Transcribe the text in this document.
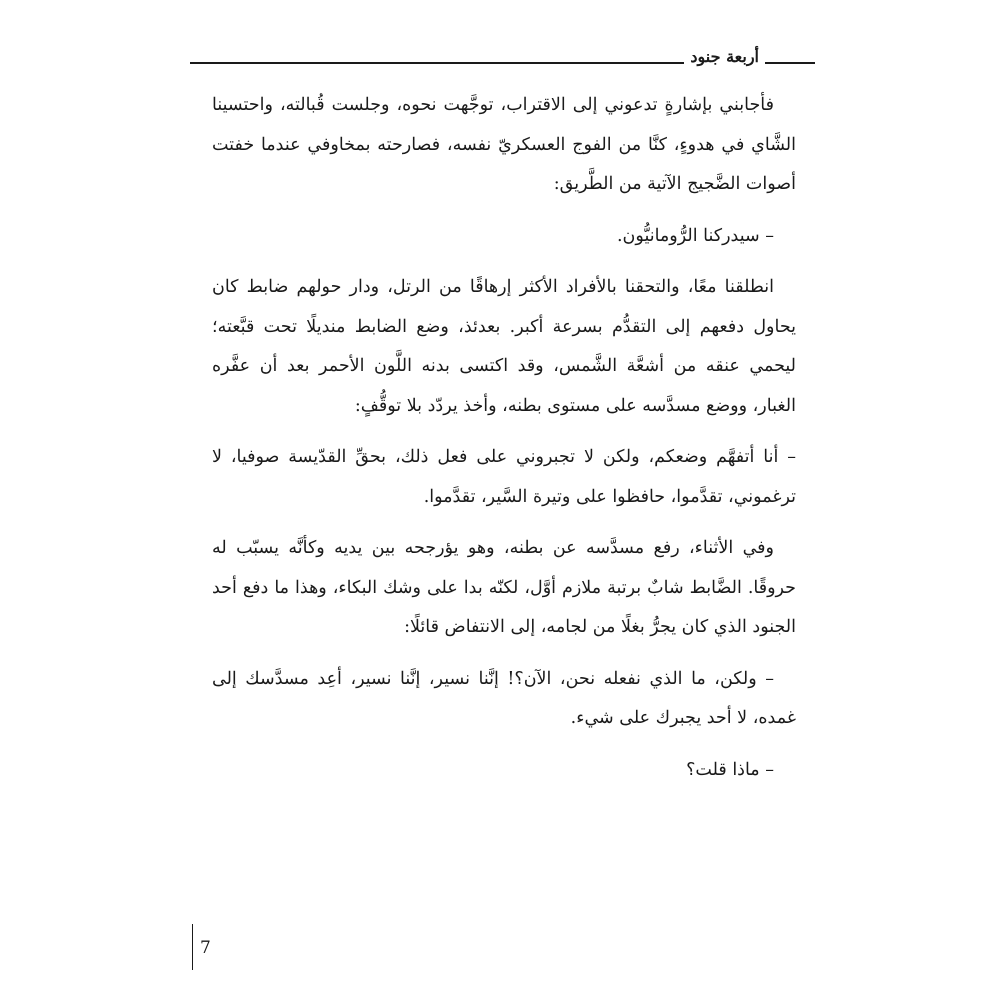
أربعة جنود

فأجابني بإشارةٍ تدعوني إلى الاقتراب، توجَّهت نحوه، وجلست قُبالته، واحتسينا الشَّاي في هدوءٍ، كنَّا من الفوج العسكريّ نفسه، فصارحته بمخاوفي عندما خفتت أصوات الضَّجيج الآتية من الطَّريق:

– سيدركنا الرُّومانيُّون.

انطلقنا معًا، والتحقنا بالأفراد الأكثر إرهاقًا من الرتل، ودار حولهم ضابط كان يحاول دفعهم إلى التقدُّم بسرعة أكبر. بعدئذ، وضع الضابط منديلًا تحت قبَّعته؛ ليحمي عنقه من أشعَّة الشَّمس، وقد اكتسى بدنه اللَّون الأحمر بعد أن عفَّره الغبار، ووضع مسدَّسه على مستوى بطنه، وأخذ يردّد بلا توقُّفٍ:

– أنا أتفهَّم وضعكم، ولكن لا تجبروني على فعل ذلك، بحقِّ القدّيسة صوفيا، لا ترغموني، تقدَّموا، حافظوا على وتيرة السَّير، تقدَّموا.

وفي الأثناء، رفع مسدَّسه عن بطنه، وهو يؤرجحه بين يديه وكأنَّه يسبّب له حروقًا. الضَّابط شابٌ برتبة ملازم أوَّل، لكنّه بدا على وشك البكاء، وهذا ما دفع أحد الجنود الذي كان يجرُّ بغلًا من لجامه، إلى الانتفاض قائلًا:

– ولكن، ما الذي نفعله نحن، الآن؟! إنَّنا نسير، إنَّنا نسير، أعِد مسدَّسك إلى غمده، لا أحد يجبرك على شيء.

– ماذا قلت؟

7
